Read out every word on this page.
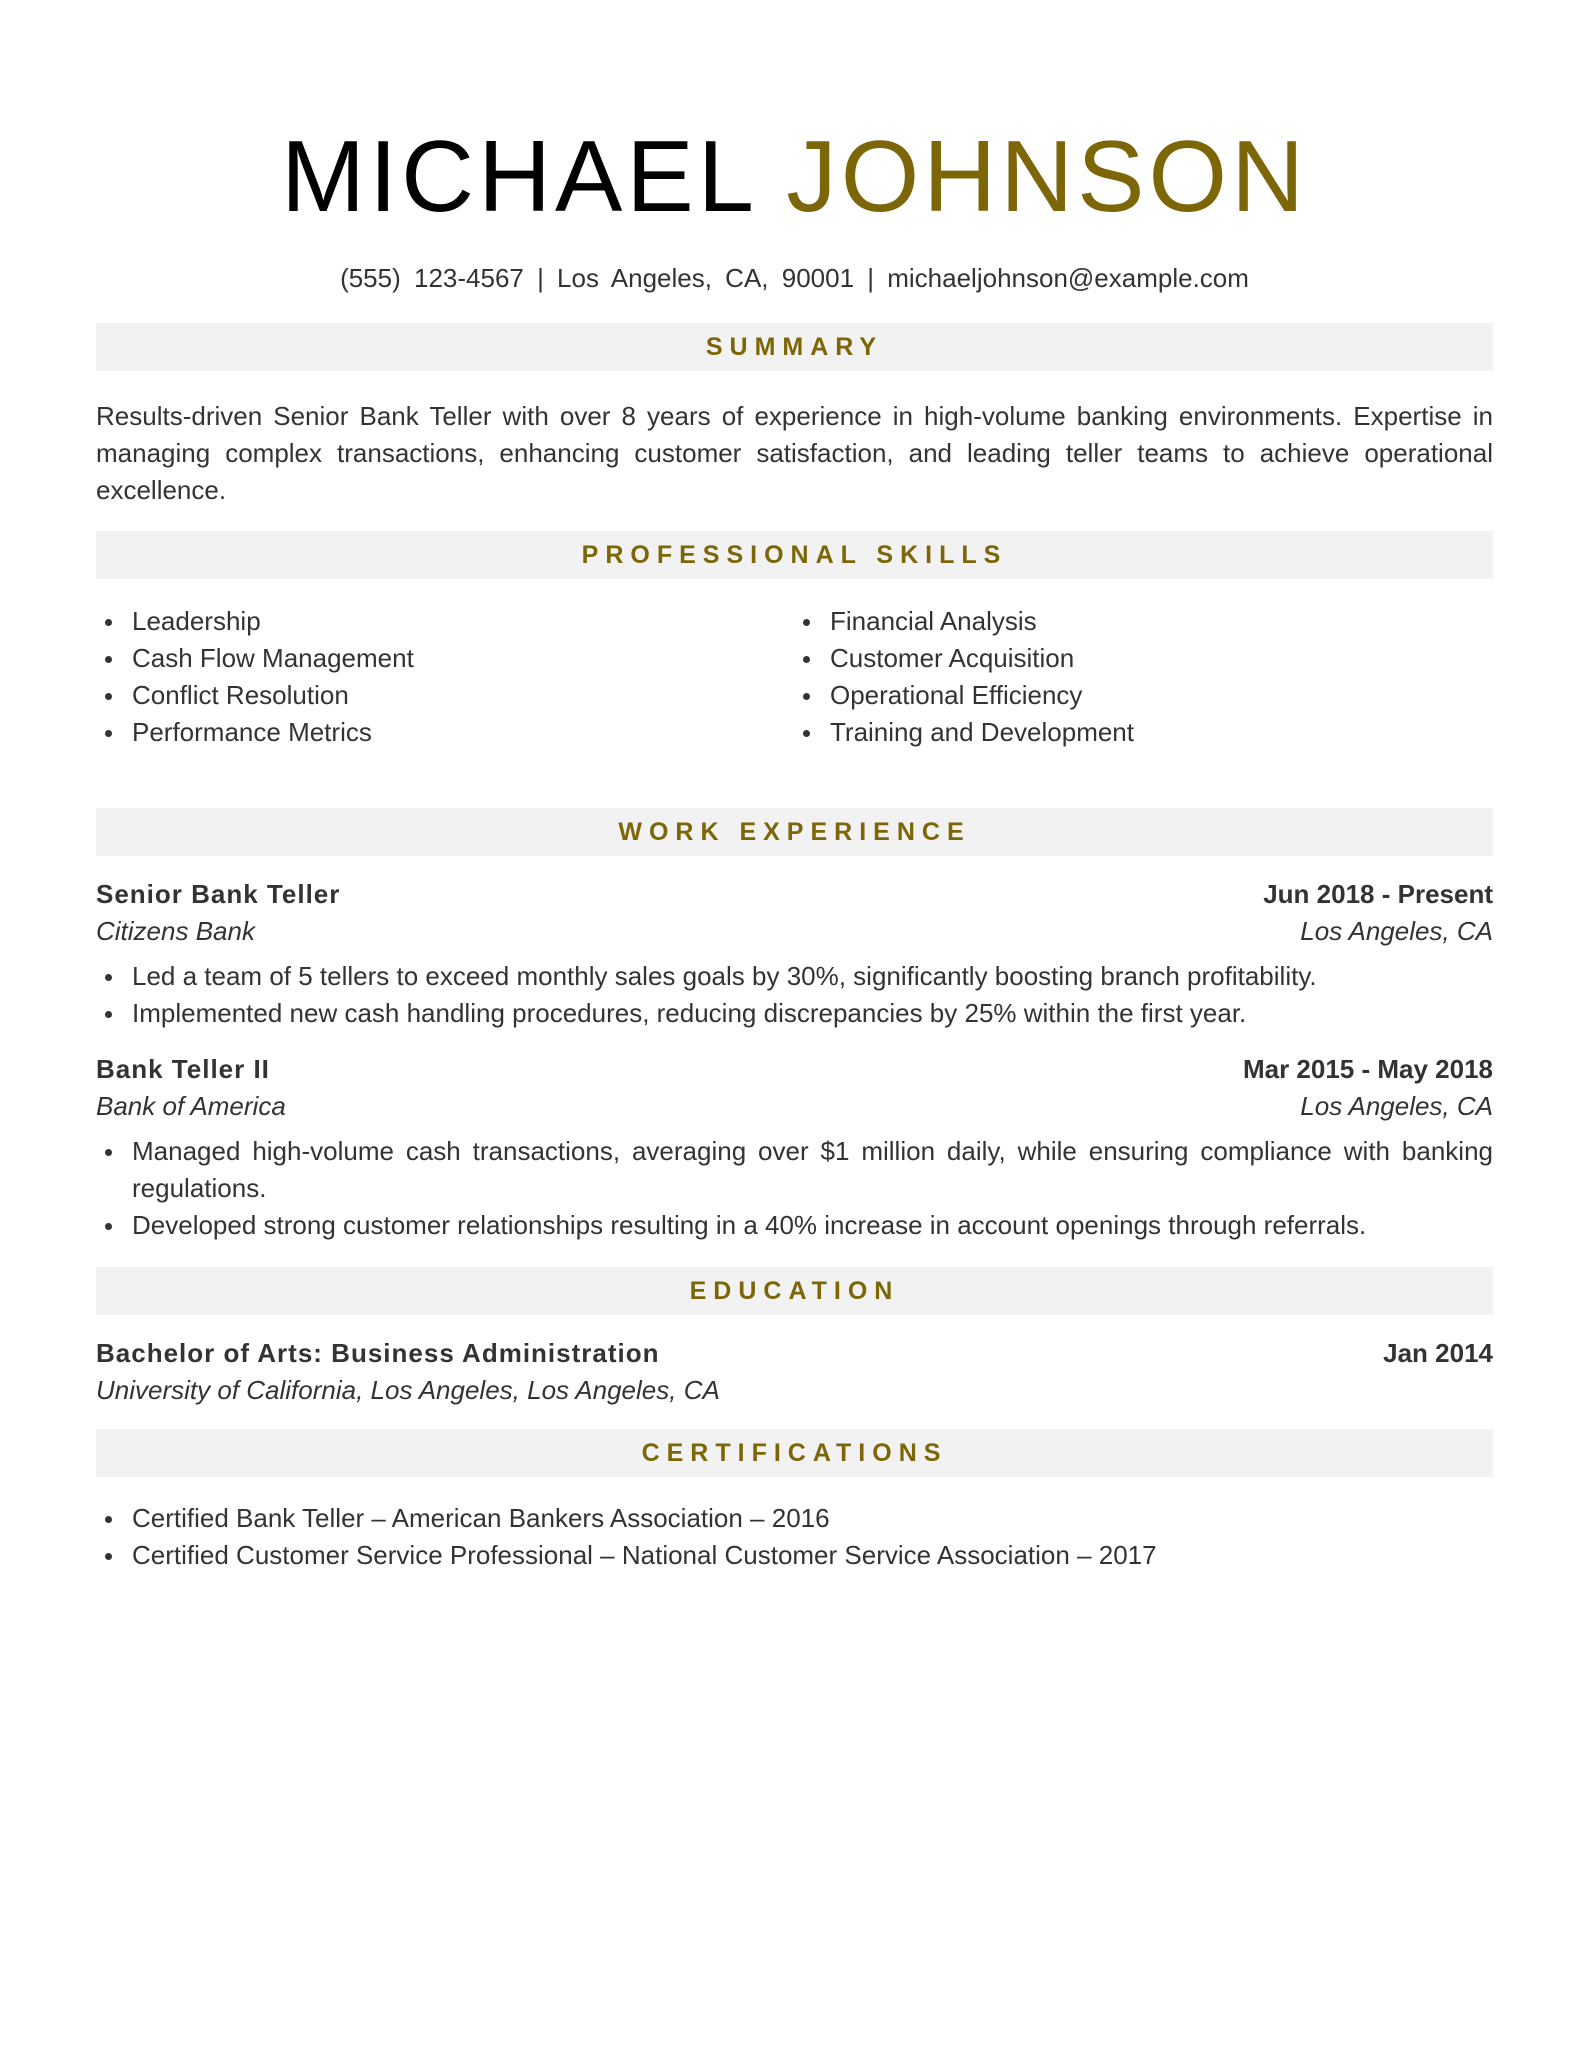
MICHAEL JOHNSON
(555) 123-4567 | Los Angeles, CA, 90001 | michaeljohnson@example.com
SUMMARY
Results-driven Senior Bank Teller with over 8 years of experience in high-volume banking environments. Expertise in managing complex transactions, enhancing customer satisfaction, and leading teller teams to achieve operational excellence.
PROFESSIONAL SKILLS
Leadership
Cash Flow Management
Conflict Resolution
Performance Metrics
Financial Analysis
Customer Acquisition
Operational Efficiency
Training and Development
WORK EXPERIENCE
Senior Bank Teller	Jun 2018 - Present
Citizens Bank	Los Angeles, CA
Led a team of 5 tellers to exceed monthly sales goals by 30%, significantly boosting branch profitability.
Implemented new cash handling procedures, reducing discrepancies by 25% within the first year.
Bank Teller II	Mar 2015 - May 2018
Bank of America	Los Angeles, CA
Managed high-volume cash transactions, averaging over $1 million daily, while ensuring compliance with banking regulations.
Developed strong customer relationships resulting in a 40% increase in account openings through referrals.
EDUCATION
Bachelor of Arts: Business Administration	Jan 2014
University of California, Los Angeles, Los Angeles, CA
CERTIFICATIONS
Certified Bank Teller – American Bankers Association – 2016
Certified Customer Service Professional – National Customer Service Association – 2017
